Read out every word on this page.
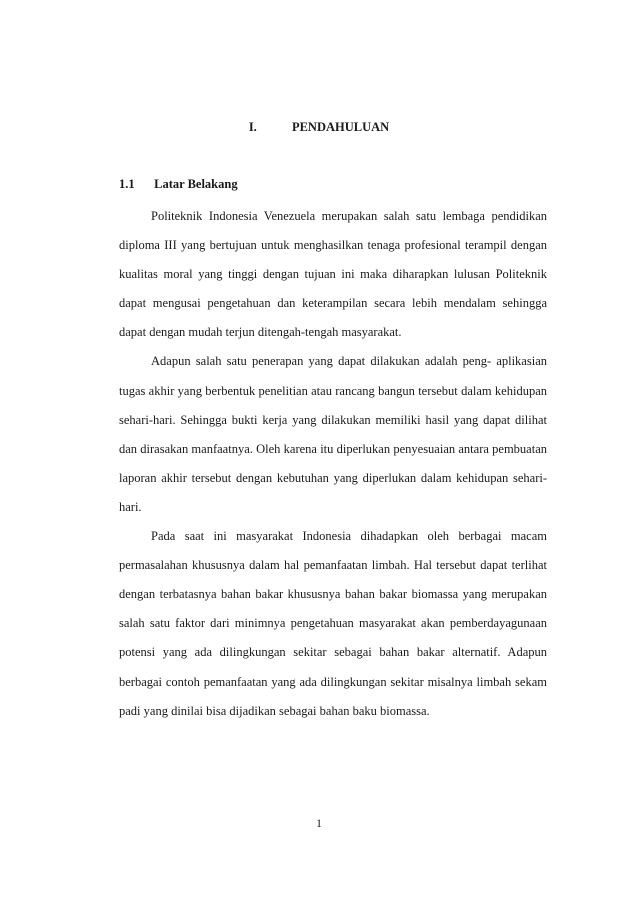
I.	PENDAHULUAN
1.1 Latar Belakang

Politeknik Indonesia Venezuela merupakan salah satu lembaga pendidikan diploma III yang bertujuan untuk menghasilkan tenaga profesional terampil dengan kualitas moral yang tinggi dengan tujuan ini maka diharapkan lulusan Politeknik dapat mengusai pengetahuan dan keterampilan secara lebih mendalam sehingga dapat dengan mudah terjun ditengah-tengah masyarakat.

Adapun salah satu penerapan yang dapat dilakukan adalah peng- aplikasian tugas akhir yang berbentuk penelitian atau rancang bangun tersebut dalam kehidupan sehari-hari. Sehingga bukti kerja yang dilakukan memiliki hasil yang dapat dilihat dan dirasakan manfaatnya. Oleh karena itu diperlukan penyesuaian antara pembuatan laporan akhir tersebut dengan kebutuhan yang diperlukan dalam kehidupan sehari-hari.

Pada saat ini masyarakat Indonesia dihadapkan oleh berbagai macam permasalahan khususnya dalam hal pemanfaatan limbah. Hal tersebut dapat terlihat dengan terbatasnya bahan bakar khususnya bahan bakar biomassa yang merupakan salah satu faktor dari minimnya pengetahuan masyarakat akan pemberdayagunaan potensi yang ada dilingkungan sekitar sebagai bahan bakar alternatif. Adapun berbagai contoh pemanfaatan yang ada dilingkungan sekitar misalnya limbah sekam padi yang dinilai bisa dijadikan sebagai bahan baku biomassa.

1
